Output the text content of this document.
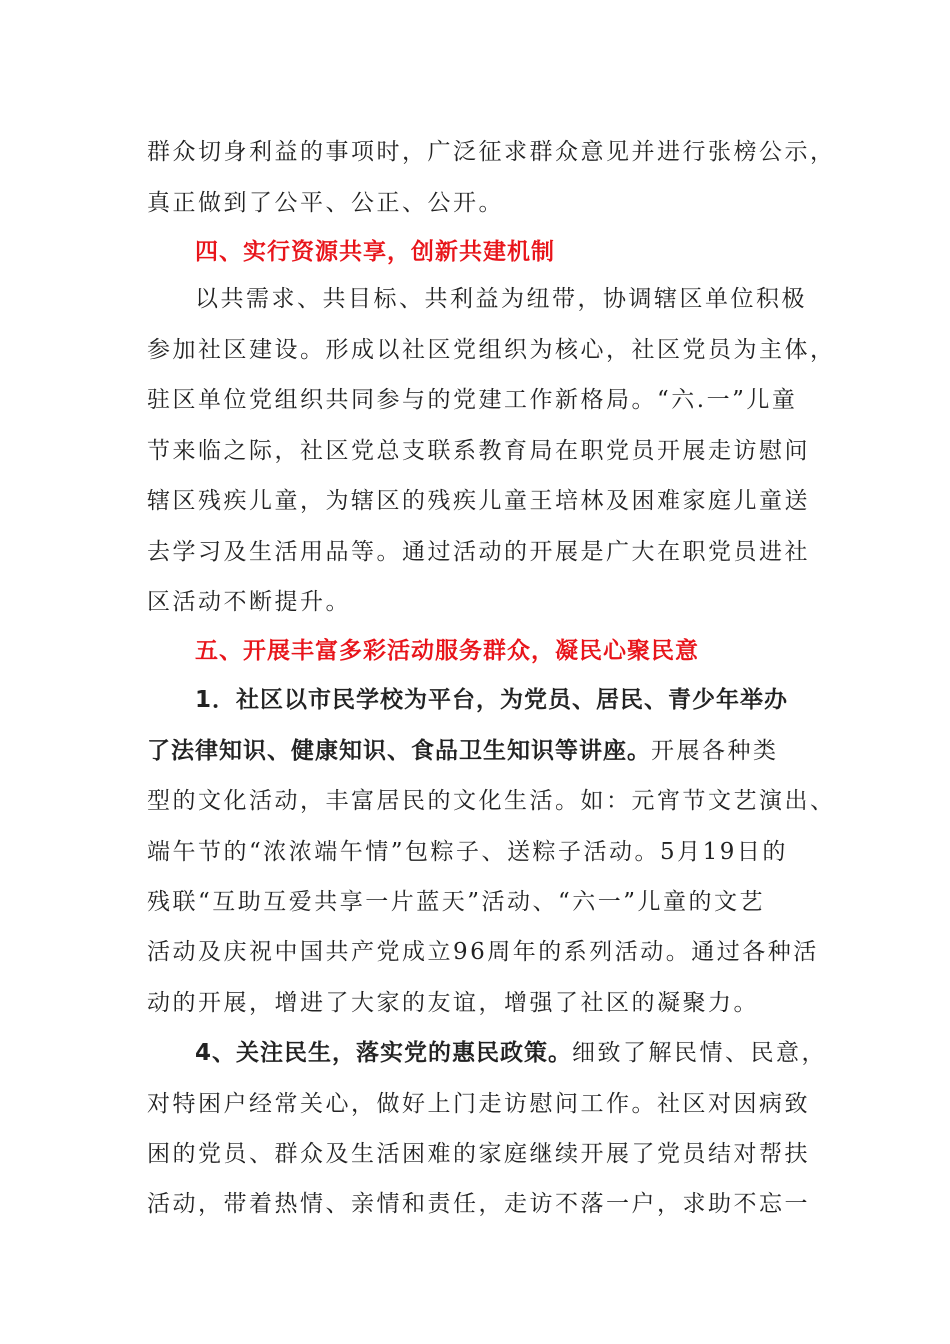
群众切身利益的事项时，广泛征求群众意见并进行张榜公示，
真正做到了公平、公正、公开。
四、实行资源共享，创新共建机制
以共需求、共目标、共利益为纽带，协调辖区单位积极
参加社区建设。形成以社区党组织为核心，社区党员为主体，
驻区单位党组织共同参与的党建工作新格局。“六.一”儿童
节来临之际，社区党总支联系教育局在职党员开展走访慰问
辖区残疾儿童，为辖区的残疾儿童王培林及困难家庭儿童送
去学习及生活用品等。通过活动的开展是广大在职党员进社
区活动不断提升。
五、开展丰富多彩活动服务群众，凝民心聚民意
1．社区以市民学校为平台，为党员、居民、青少年举办
了法律知识、健康知识、食品卫生知识等讲座。开展各种类
型的文化活动，丰富居民的文化生活。如：元宵节文艺演出、
端午节的“浓浓端午情”包粽子、送粽子活动。5月19日的
残联“互助互爱共享一片蓝天”活动、“六一”儿童的文艺
活动及庆祝中国共产党成立96周年的系列活动。通过各种活
动的开展，增进了大家的友谊，增强了社区的凝聚力。
4、关注民生，落实党的惠民政策。细致了解民情、民意，
对特困户经常关心，做好上门走访慰问工作。社区对因病致
困的党员、群众及生活困难的家庭继续开展了党员结对帮扶
活动，带着热情、亲情和责任，走访不落一户，求助不忘一
